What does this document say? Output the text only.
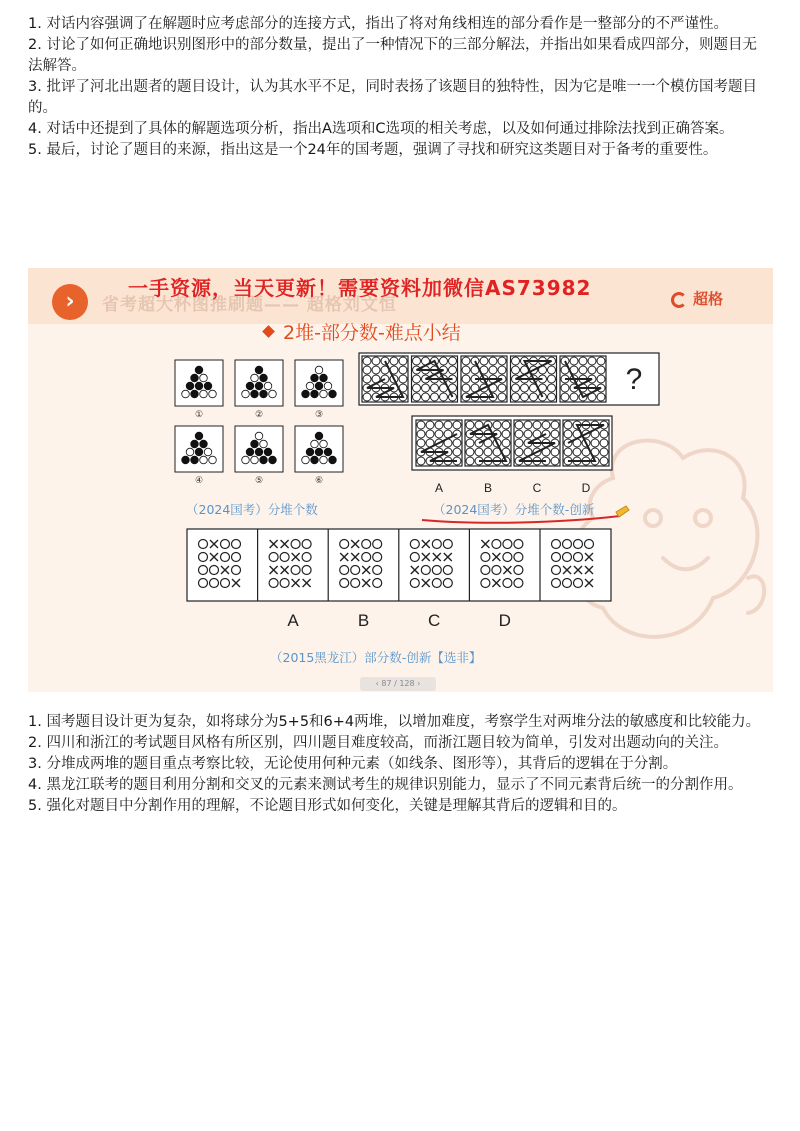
1. 对话内容强调了在解题时应考虑部分的连接方式，指出了将对角线相连的部分看作是一整部分的不严谨性。
2. 讨论了如何正确地识别图形中的部分数量，提出了一种情况下的三部分解法，并指出如果看成四部分，则题目无法解答。
3. 批评了河北出题者的题目设计，认为其水平不足，同时表扬了该题目的独特性，因为它是唯一一个模仿国考题目的。
4. 对话中还提到了具体的解题选项分析，指出A选项和C选项的相关考虑，以及如何通过排除法找到正确答案。
5. 最后，讨论了题目的来源，指出这是一个24年的国考题，强调了寻找和研究这类题目对于备考的重要性。
省考超大杯图推刷题—— 超格刘文恒
一手资源，当天更新！需要资料加微信AS73982
›	超格
2堆-部分数-难点小结
①	②	③
④	⑤	⑥
?
A	B	C	D
A	B	C	D
（2024国考）分堆个数	（2024国考）分堆个数-创新
（2015黑龙江）部分数-创新【选非】
‹ 87 / 128 ›
1. 国考题目设计更为复杂，如将球分为5+5和6+4两堆，以增加难度，考察学生对两堆分法的敏感度和比较能力。
2. 四川和浙江的考试题目风格有所区别，四川题目难度较高，而浙江题目较为简单，引发对出题动向的关注。
3. 分堆成两堆的题目重点考察比较，无论使用何种元素（如线条、图形等），其背后的逻辑在于分割。
4. 黑龙江联考的题目利用分割和交叉的元素来测试考生的规律识别能力，显示了不同元素背后统一的分割作用。
5. 强化对题目中分割作用的理解，不论题目形式如何变化，关键是理解其背后的逻辑和目的。
